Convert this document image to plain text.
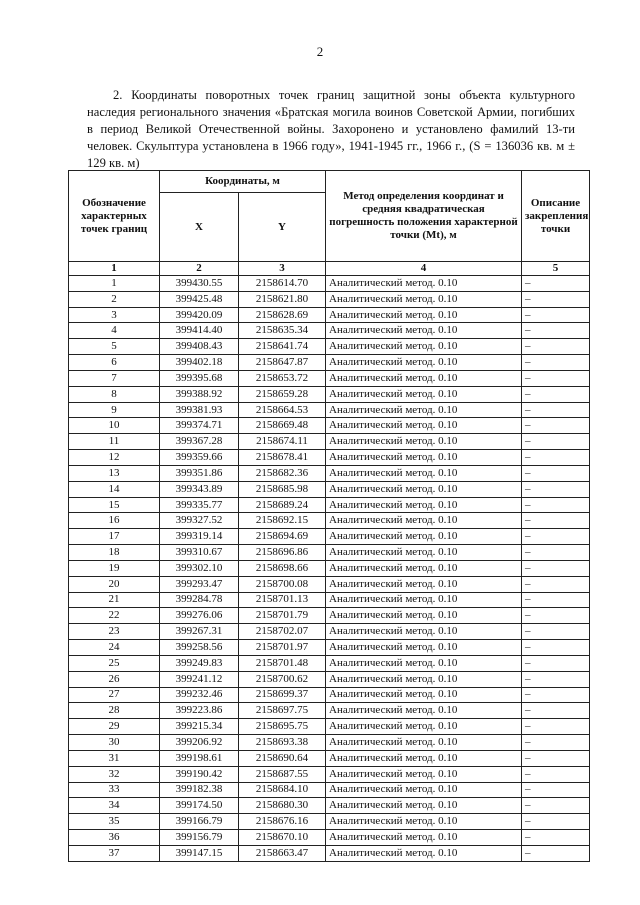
2

2. Координаты поворотных точек границ защитной зоны объекта культурного наследия регионального значения «Братская могила воинов Советской Армии, погибших в период Великой Отечественной войны. Захоронено и установлено фамилий 13-ти человек. Скульптура установлена в 1966 году», 1941-1945 гг., 1966 г., (S = 136036 кв. м ± 129 кв. м)

Обозначение характерных точек границ	Координаты, м		Метод определения координат и средняя квадратическая погрешность положения характерной точки (Mt), м	Описание закрепления точки
	X	Y		
1	2	3	4	5
1	399430.55	2158614.70	Аналитический метод. 0.10	–
2	399425.48	2158621.80	Аналитический метод. 0.10	–
3	399420.09	2158628.69	Аналитический метод. 0.10	–
4	399414.40	2158635.34	Аналитический метод. 0.10	–
5	399408.43	2158641.74	Аналитический метод. 0.10	–
6	399402.18	2158647.87	Аналитический метод. 0.10	–
7	399395.68	2158653.72	Аналитический метод. 0.10	–
8	399388.92	2158659.28	Аналитический метод. 0.10	–
9	399381.93	2158664.53	Аналитический метод. 0.10	–
10	399374.71	2158669.48	Аналитический метод. 0.10	–
11	399367.28	2158674.11	Аналитический метод. 0.10	–
12	399359.66	2158678.41	Аналитический метод. 0.10	–
13	399351.86	2158682.36	Аналитический метод. 0.10	–
14	399343.89	2158685.98	Аналитический метод. 0.10	–
15	399335.77	2158689.24	Аналитический метод. 0.10	–
16	399327.52	2158692.15	Аналитический метод. 0.10	–
17	399319.14	2158694.69	Аналитический метод. 0.10	–
18	399310.67	2158696.86	Аналитический метод. 0.10	–
19	399302.10	2158698.66	Аналитический метод. 0.10	–
20	399293.47	2158700.08	Аналитический метод. 0.10	–
21	399284.78	2158701.13	Аналитический метод. 0.10	–
22	399276.06	2158701.79	Аналитический метод. 0.10	–
23	399267.31	2158702.07	Аналитический метод. 0.10	–
24	399258.56	2158701.97	Аналитический метод. 0.10	–
25	399249.83	2158701.48	Аналитический метод. 0.10	–
26	399241.12	2158700.62	Аналитический метод. 0.10	–
27	399232.46	2158699.37	Аналитический метод. 0.10	–
28	399223.86	2158697.75	Аналитический метод. 0.10	–
29	399215.34	2158695.75	Аналитический метод. 0.10	–
30	399206.92	2158693.38	Аналитический метод. 0.10	–
31	399198.61	2158690.64	Аналитический метод. 0.10	–
32	399190.42	2158687.55	Аналитический метод. 0.10	–
33	399182.38	2158684.10	Аналитический метод. 0.10	–
34	399174.50	2158680.30	Аналитический метод. 0.10	–
35	399166.79	2158676.16	Аналитический метод. 0.10	–
36	399156.79	2158670.10	Аналитический метод. 0.10	–
37	399147.15	2158663.47	Аналитический метод. 0.10	–
